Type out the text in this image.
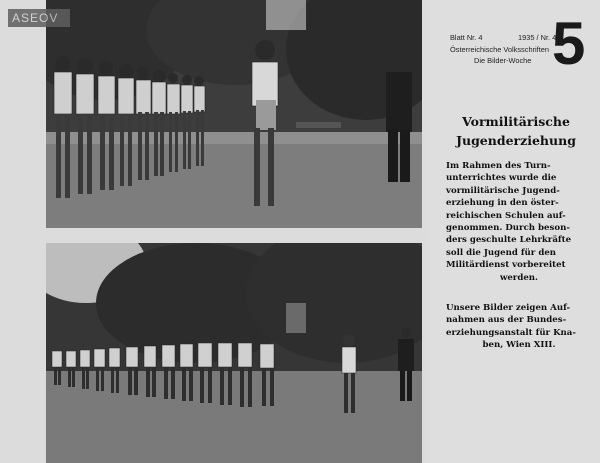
ASEOV
Blatt Nr. 4	1935 / Nr. 4
Österreichische Volksschriften
Die Bilder-Woche 5
Vormilitärische
Jugenderziehung
Im Rahmen des Turn-
unterrichtes wurde die
vormilitärische Jugend-
erziehung in den öster-
reichischen Schulen auf-
genommen. Durch beson-
ders geschulte Lehrkräfte
soll die Jugend für den
Militärdienst vorbereitet
werden.
Unsere Bilder zeigen Auf-
nahmen aus der Bundes-
erziehungsanstalt für Kna-
ben, Wien XIII.
